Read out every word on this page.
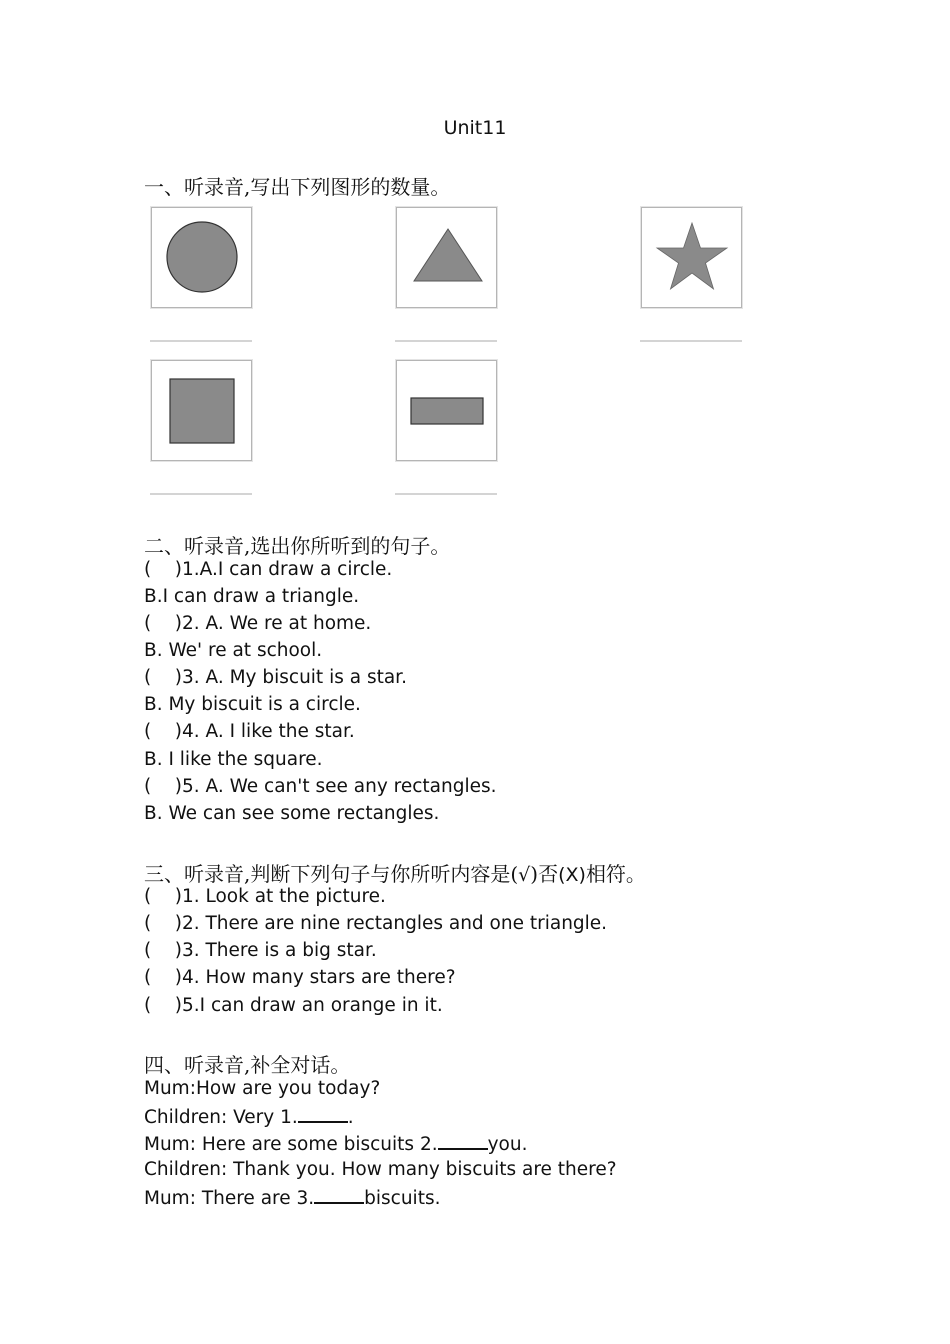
Unit11
一、听录音,写出下列图形的数量。
二、听录音,选出你所听到的句子。
(    )1.A.I can draw a circle.
B.I can draw a triangle.
(    )2. A. We re at home.
B. We' re at school.
(    )3. A. My biscuit is a star.
B. My biscuit is a circle.
(    )4. A. I like the star.
B. I like the square.
(    )5. A. We can't see any rectangles.
B. We can see some rectangles.
三、听录音,判断下列句子与你所听内容是(√)否(X)相符。
(    )1. Look at the picture.
(    )2. There are nine rectangles and one triangle.
(    )3. There is a big star.
(    )4. How many stars are there?
(    )5.I can draw an orange in it.
四、听录音,补全对话。
Mum:How are you today?
Children: Very 1.	.
Mum: Here are some biscuits 2.	you.
Children: Thank you. How many biscuits are there?
Mum: There are 3.	biscuits.
